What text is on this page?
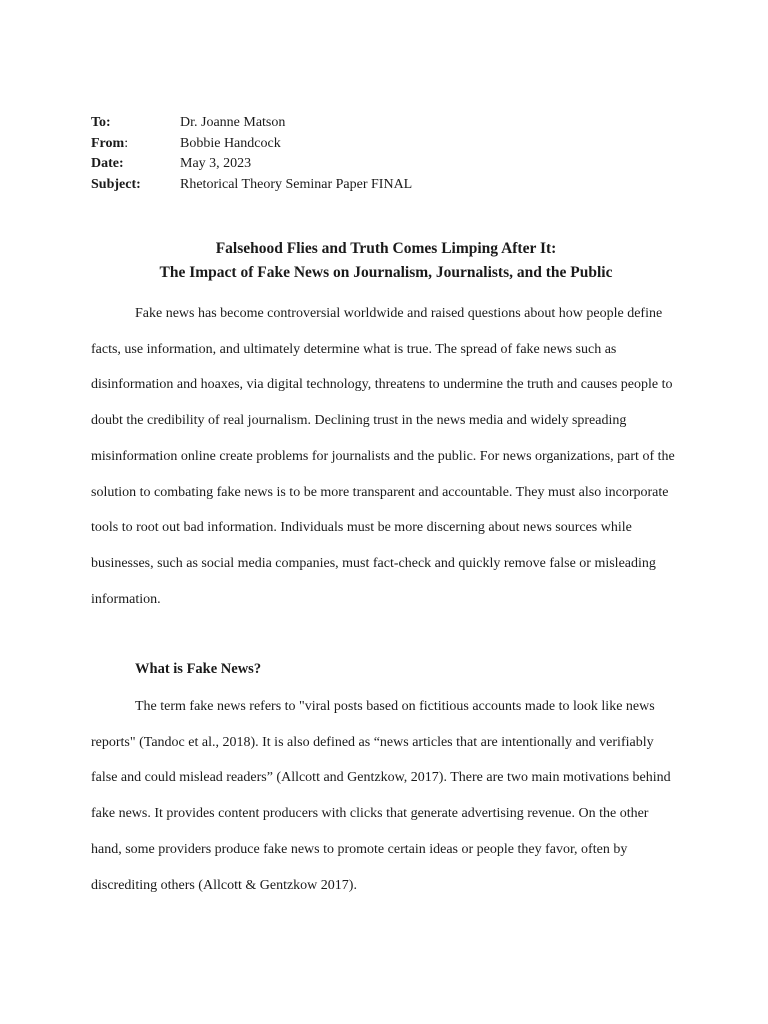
To:	Dr. Joanne Matson
From:	Bobbie Handcock
Date:	May 3, 2023
Subject:	Rhetorical Theory Seminar Paper FINAL
Falsehood Flies and Truth Comes Limping After It:
The Impact of Fake News on Journalism, Journalists, and the Public

Fake news has become controversial worldwide and raised questions about how people define facts, use information, and ultimately determine what is true. The spread of fake news such as disinformation and hoaxes, via digital technology, threatens to undermine the truth and causes people to doubt the credibility of real journalism. Declining trust in the news media and widely spreading misinformation online create problems for journalists and the public. For news organizations, part of the solution to combating fake news is to be more transparent and accountable. They must also incorporate tools to root out bad information. Individuals must be more discerning about news sources while businesses, such as social media companies, must fact-check and quickly remove false or misleading information.

What is Fake News?

The term fake news refers to "viral posts based on fictitious accounts made to look like news reports" (Tandoc et al., 2018). It is also defined as “news articles that are intentionally and verifiably false and could mislead readers” (Allcott and Gentzkow, 2017). There are two main motivations behind fake news. It provides content producers with clicks that generate advertising revenue. On the other hand, some providers produce fake news to promote certain ideas or people they favor, often by discrediting others (Allcott & Gentzkow 2017).
